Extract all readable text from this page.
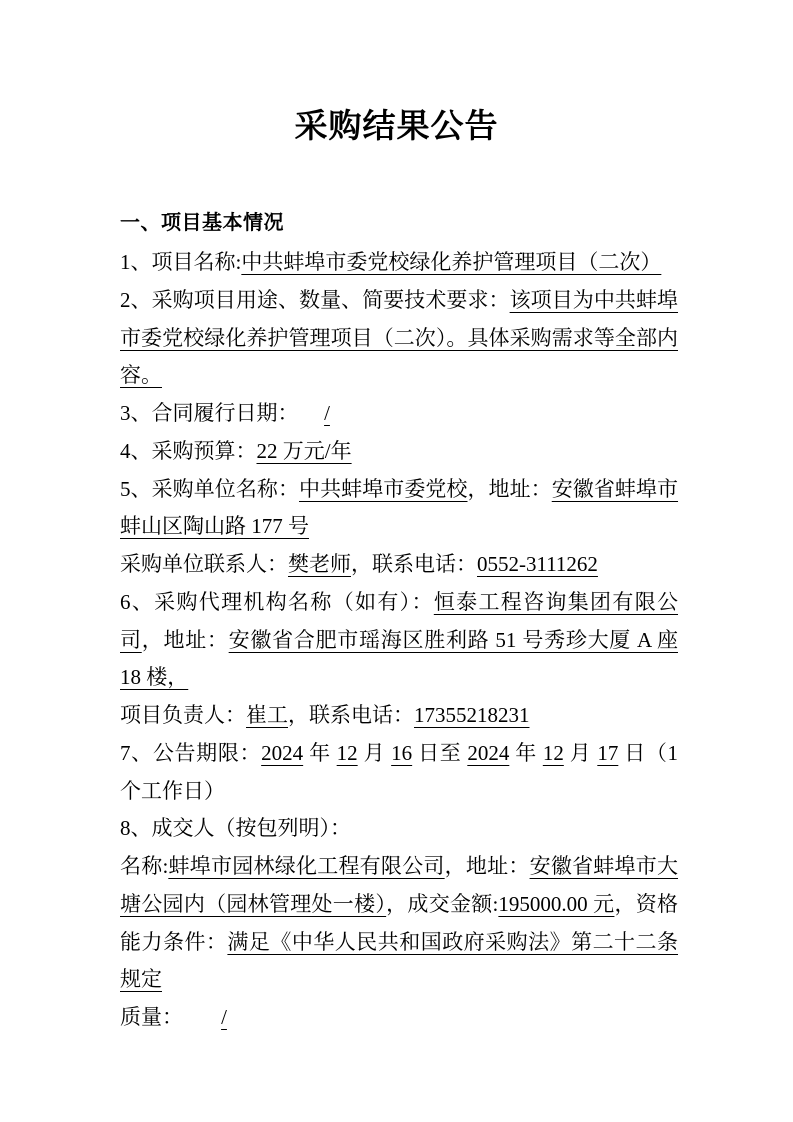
采购结果公告
一、项目基本情况

1、项目名称:中共蚌埠市委党校绿化养护管理项目（二次）

2、采购项目用途、数量、简要技术要求：该项目为中共蚌埠市委党校绿化养护管理项目（二次）。具体采购需求等全部内容。

3、合同履行日期： /

4、采购预算：22 万元/年

5、采购单位名称：中共蚌埠市委党校，地址：安徽省蚌埠市蚌山区陶山路 177 号

采购单位联系人：樊老师，联系电话：0552-3111262

6、采购代理机构名称（如有）：恒泰工程咨询集团有限公司，地址：安徽省合肥市瑶海区胜利路 51 号秀珍大厦 A 座 18 楼，

项目负责人：崔工，联系电话：17355218231

7、公告期限：2024 年 12 月 16 日至 2024 年 12 月 17 日（1 个工作日）

8、成交人（按包列明）：

名称:蚌埠市园林绿化工程有限公司，地址：安徽省蚌埠市大塘公园内（园林管理处一楼），成交金额:195000.00 元，资格能力条件：满足《中华人民共和国政府采购法》第二十二条规定

质量： /
